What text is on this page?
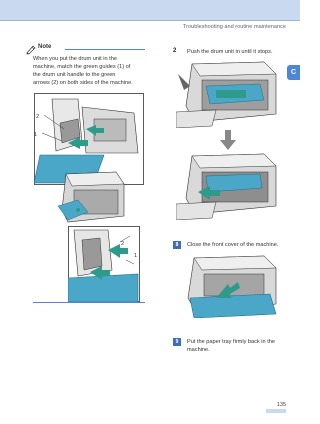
Troubleshooting and routine maintenance
C
Note
When you put the drum unit in the
machine, match the green guides (1) of
the drum unit handle to the green
arrows (2) on both sides of the machine.
2
1
2
1
2 Push the drum unit in until it stops.
8	Close the front cover of the machine.
9	Put the paper tray firmly back in the
machine.
135
